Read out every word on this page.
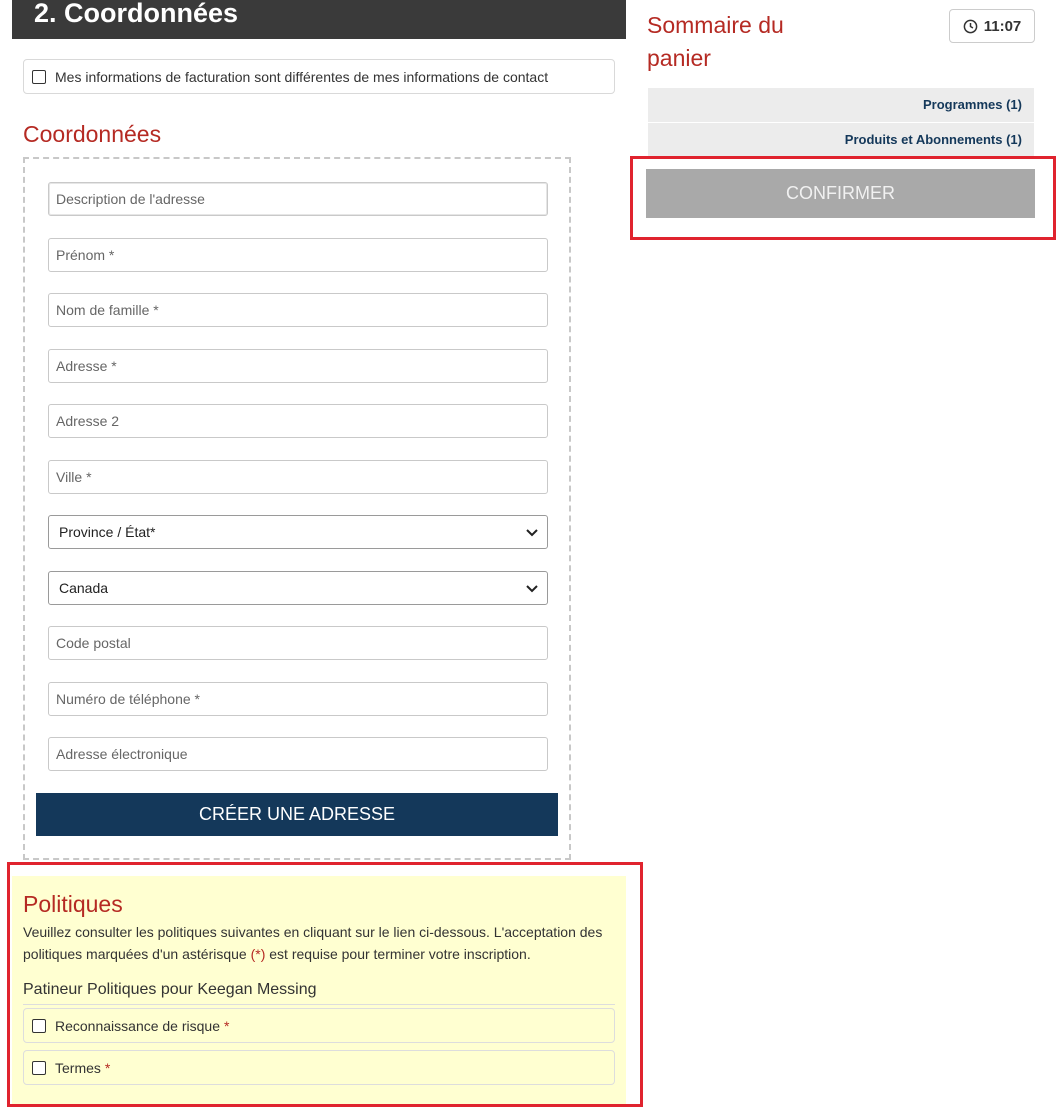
2. Coordonnées
Mes informations de facturation sont différentes de mes informations de contact
Coordonnées
Description de l'adresse
Prénom *
Nom de famille *
Adresse *
Adresse 2
Ville *
Province / État*
Canada
Code postal
Numéro de téléphone *
Adresse électronique
CRÉER UNE ADRESSE
Politiques
Veuillez consulter les politiques suivantes en cliquant sur le lien ci-dessous. L'acceptation des politiques marquées d'un astérisque (*) est requise pour terminer votre inscription.
Patineur Politiques pour Keegan Messing
Reconnaissance de risque *
Termes *
Sommaire du panier
11:07
Programmes (1)
Produits et Abonnements (1)
CONFIRMER
